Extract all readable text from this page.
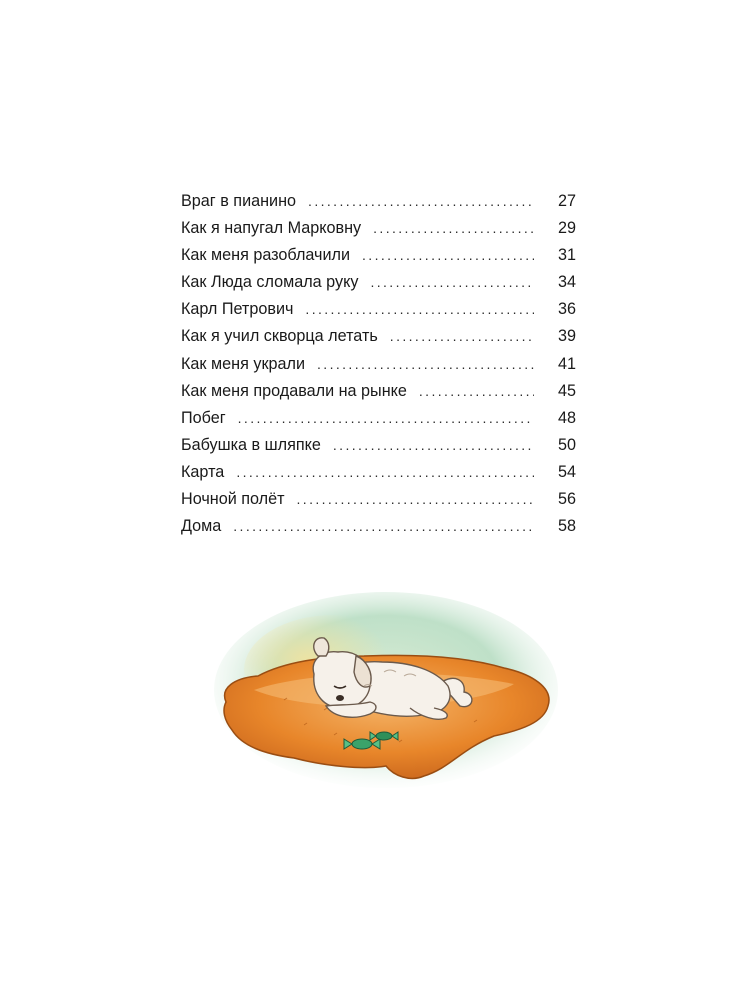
Враг в пианино . . .	27
Как я напугал Марковну . . .	29
Как меня разоблачили . . .	31
Как Люда сломала руку . . .	34
Карл Петрович . . .	36
Как я учил скворца летать . . .	39
Как меня украли . . .	41
Как меня продавали на рынке . . .	45
Побег . . .	48
Бабушка в шляпке . . .	50
Карта . . .	54
Ночной полёт . . .	56
Дома . . .	58
